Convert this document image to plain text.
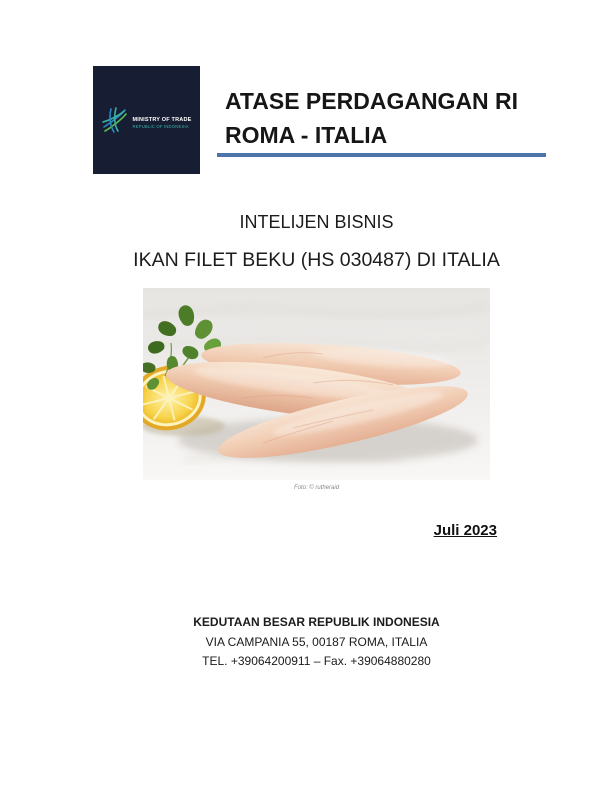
MINISTRY OF TRADE
REPUBLIC OF INDONESIA
ATASE PERDAGANGAN RI
ROMA - ITALIA
INTELIJEN BISNIS
IKAN FILET BEKU (HS 030487) DI ITALIA
Foto: © rutheraid
Juli 2023
KEDUTAAN BESAR REPUBLIK INDONESIA
VIA CAMPANIA 55, 00187 ROMA, ITALIA
TEL. +39064200911 – Fax. +39064880280
